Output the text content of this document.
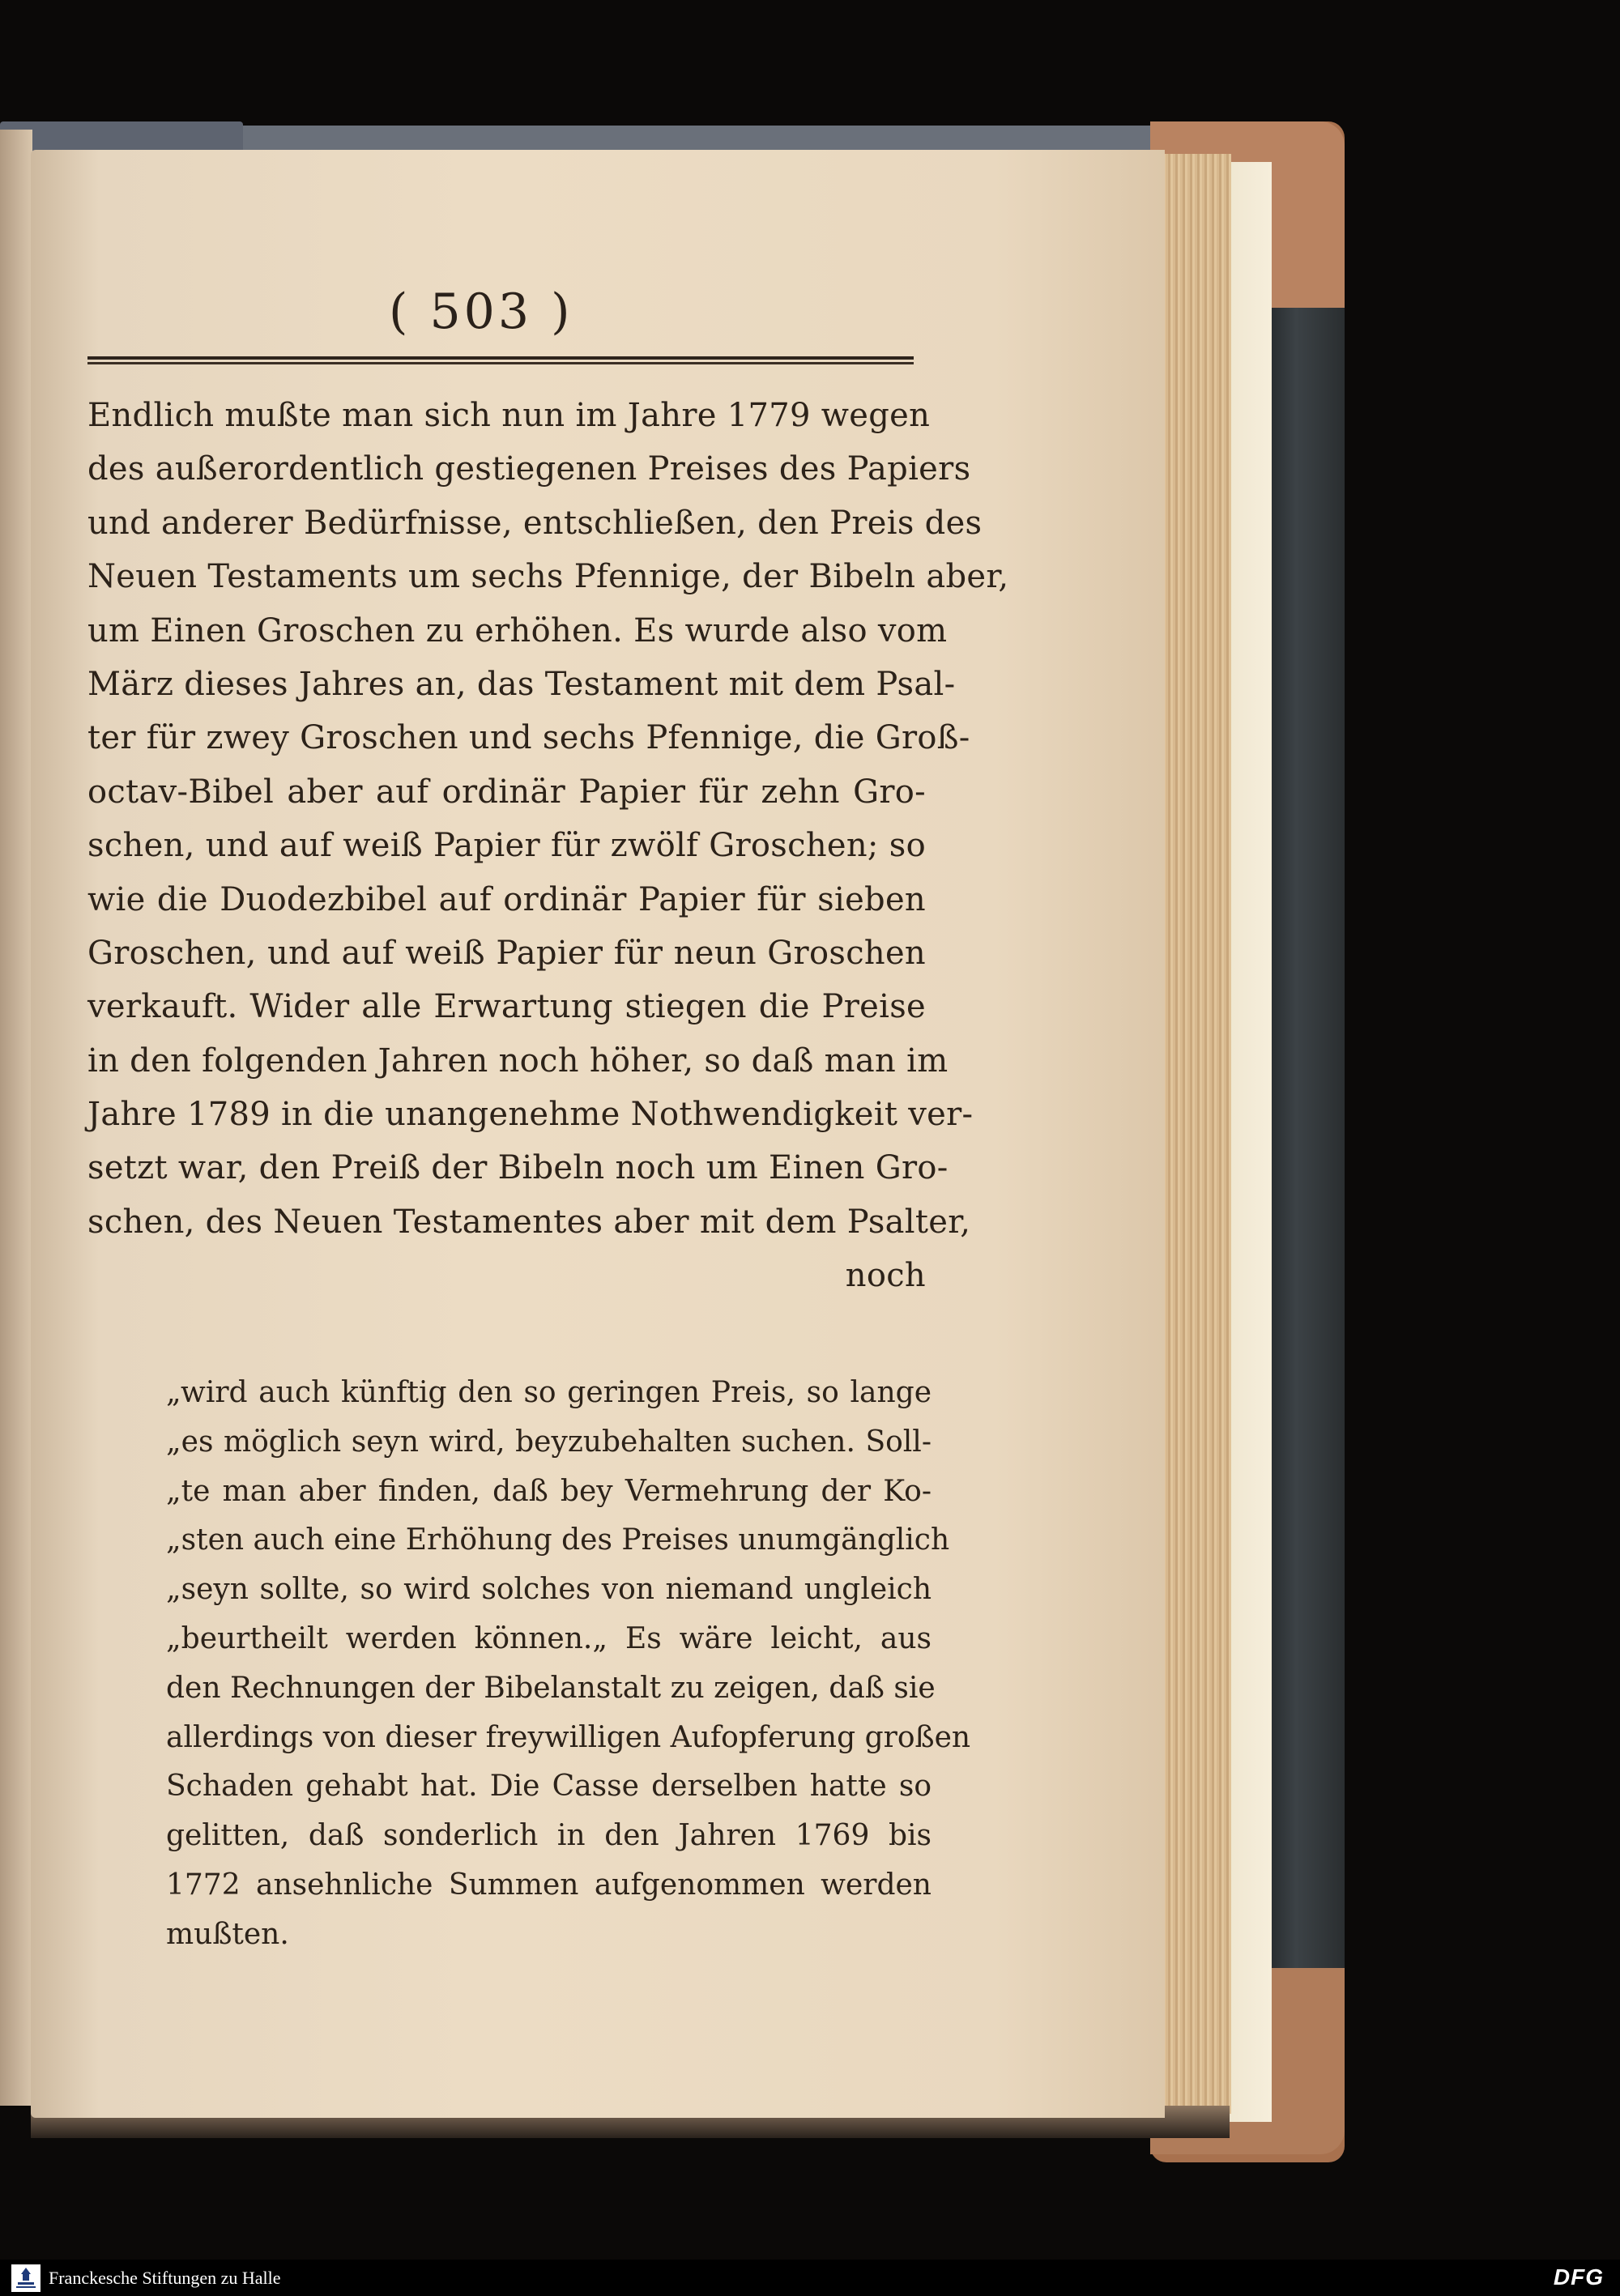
( 503 )
Endlich mußte man sich nun im Jahre 1779 wegen
des außerordentlich gestiegenen Preises des Papiers
und anderer Bedürfnisse, entschließen, den Preis des
Neuen Testaments um sechs Pfennige, der Bibeln aber,
um Einen Groschen zu erhöhen. Es wurde also vom
März dieses Jahres an, das Testament mit dem Psal-
ter für zwey Groschen und sechs Pfennige, die Groß-
octav-Bibel aber auf ordinär Papier für zehn Gro-
schen, und auf weiß Papier für zwölf Groschen; so
wie die Duodezbibel auf ordinär Papier für sieben
Groschen, und auf weiß Papier für neun Groschen
verkauft. Wider alle Erwartung stiegen die Preise
in den folgenden Jahren noch höher, so daß man im
Jahre 1789 in die unangenehme Nothwendigkeit ver-
setzt war, den Preiß der Bibeln noch um Einen Gro-
schen, des Neuen Testamentes aber mit dem Psalter,
noch
„wird auch künftig den so geringen Preis, so lange
„es möglich seyn wird, beyzubehalten suchen. Soll-
„te man aber finden, daß bey Vermehrung der Ko-
„sten auch eine Erhöhung des Preises unumgänglich
„seyn sollte, so wird solches von niemand ungleich
„beurtheilt werden können.„ Es wäre leicht, aus
den Rechnungen der Bibelanstalt zu zeigen, daß sie
allerdings von dieser freywilligen Aufopferung großen
Schaden gehabt hat. Die Casse derselben hatte so
gelitten, daß sonderlich in den Jahren 1769 bis
1772 ansehnliche Summen aufgenommen werden
mußten.
Franckesche Stiftungen zu Halle	DFG
